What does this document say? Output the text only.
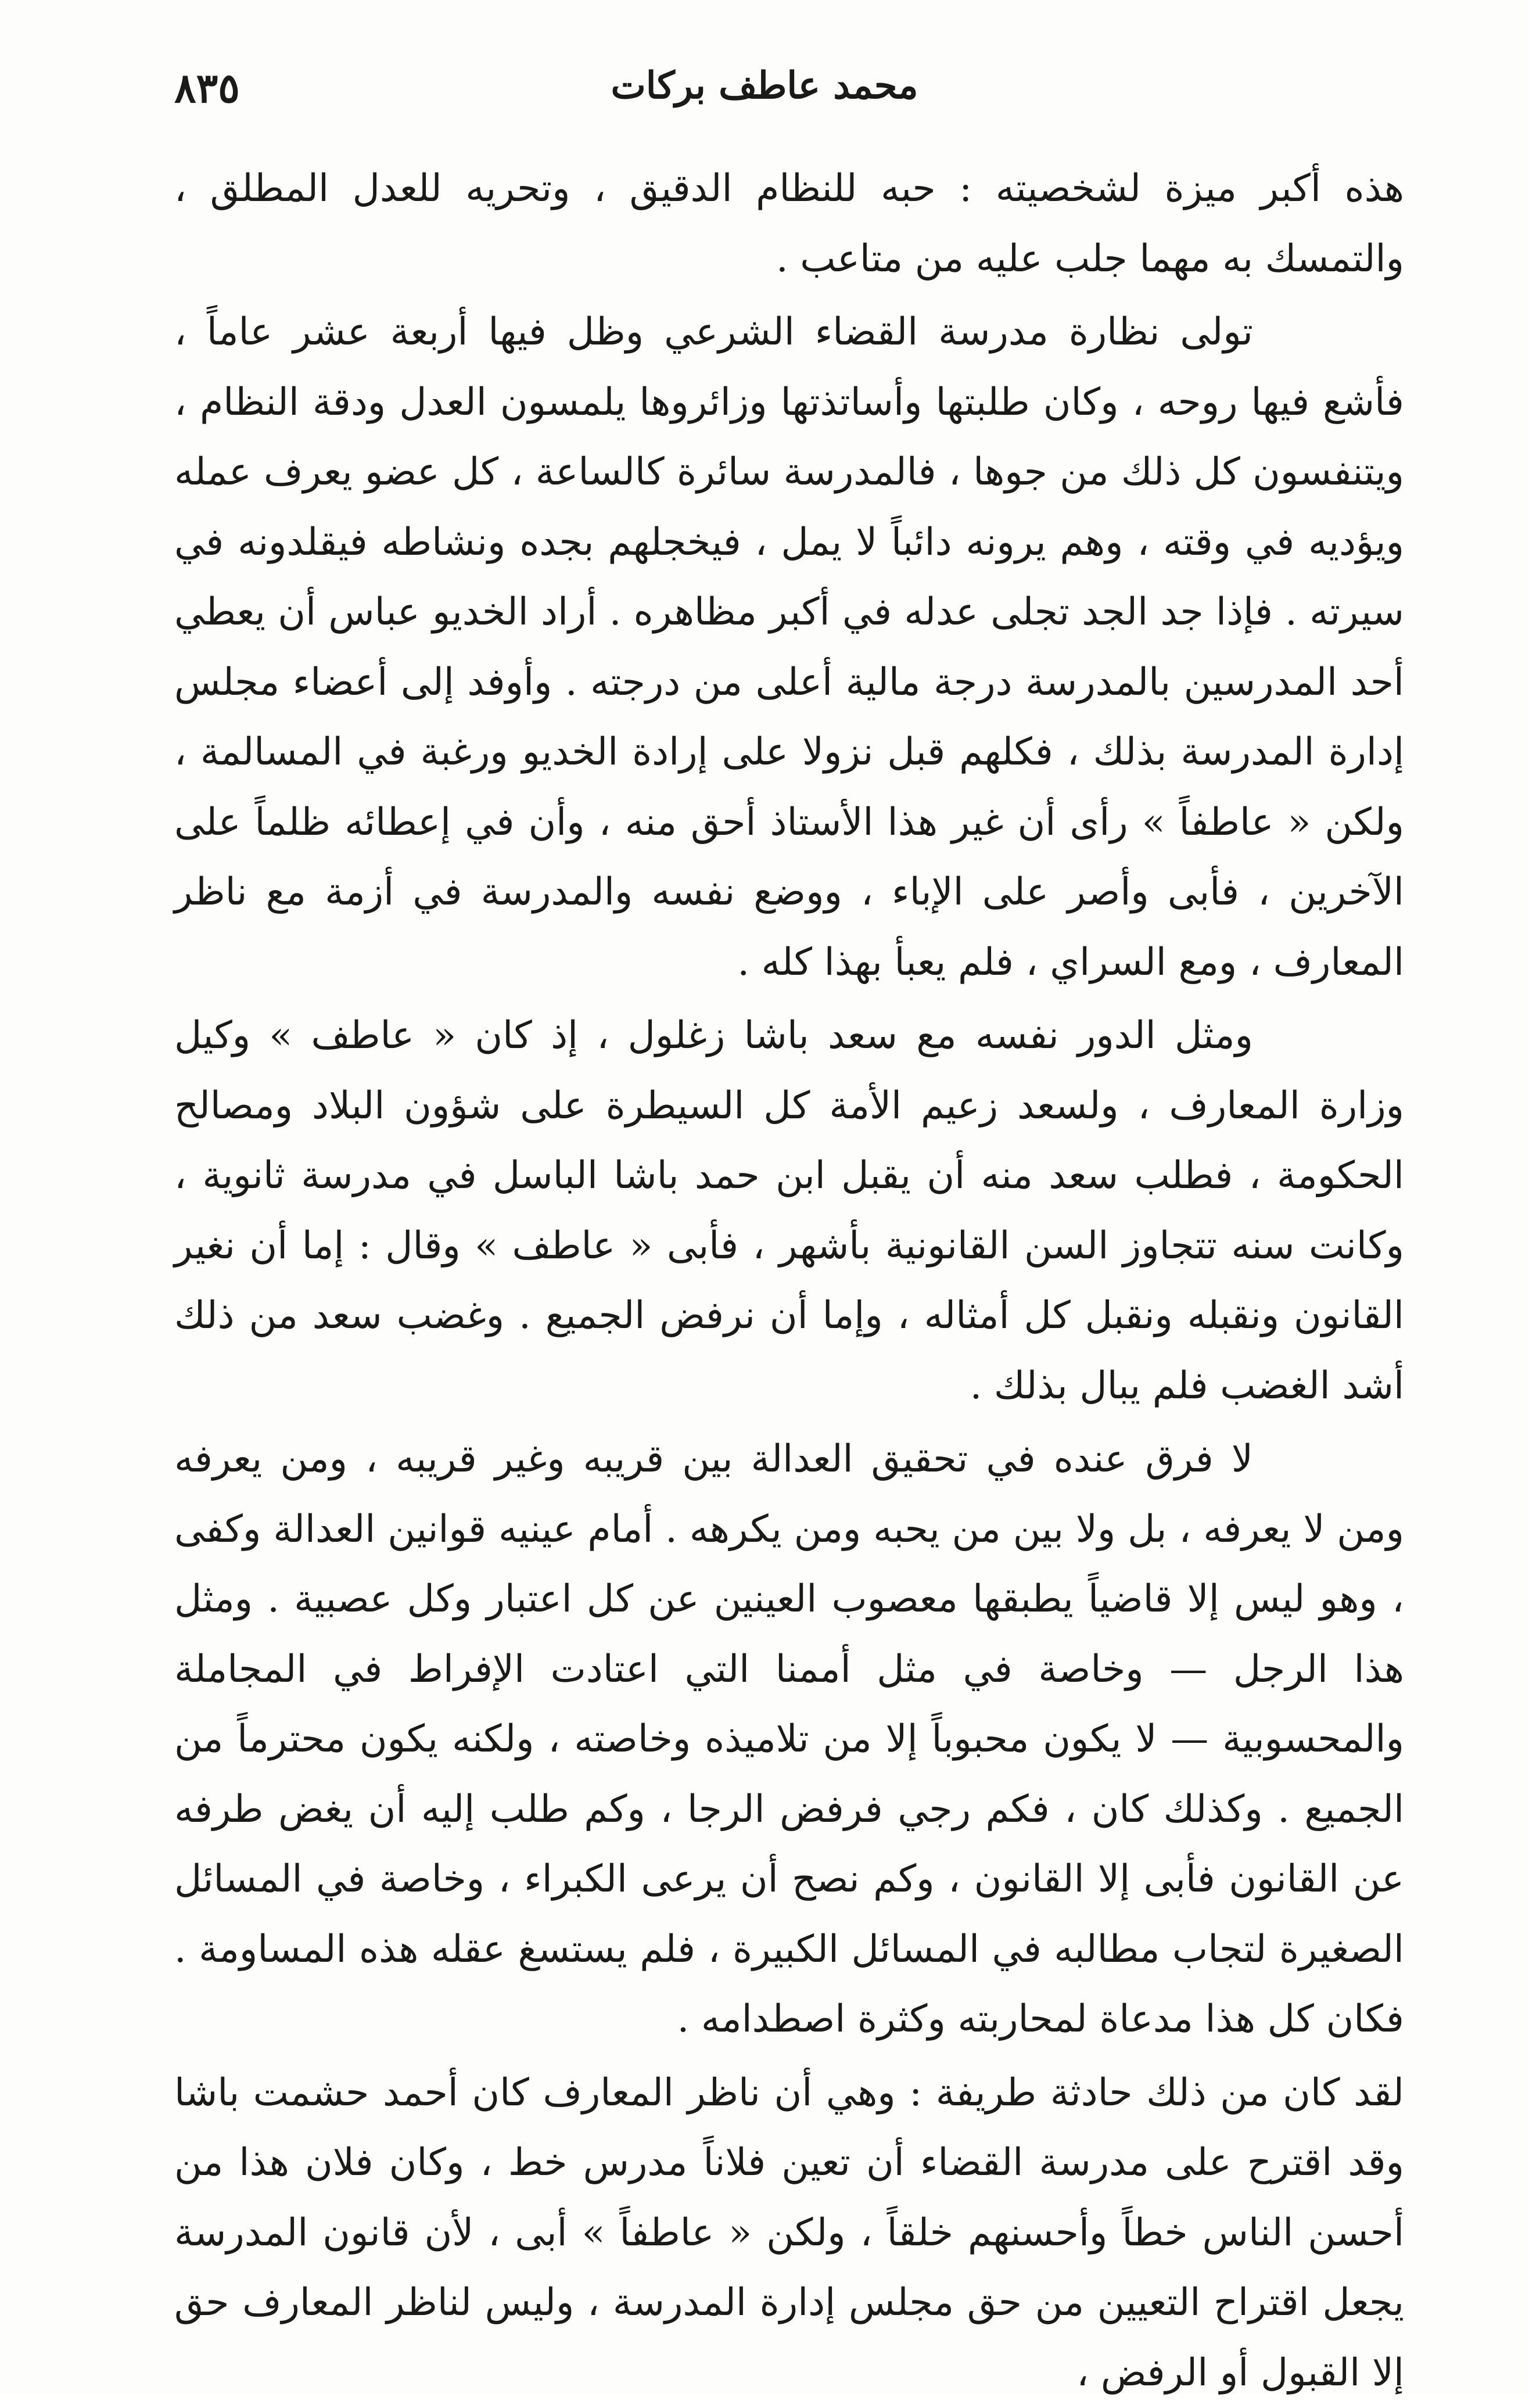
٨٣٥	محمد عاطف بركات

هذه أكبر ميزة لشخصيته : حبه للنظام الدقيق ، وتحريه للعدل المطلق ، والتمسك به مهما جلب عليه من متاعب .

تولى نظارة مدرسة القضاء الشرعي وظل فيها أربعة عشر عاماً ، فأشع فيها روحه ، وكان طلبتها وأساتذتها وزائروها يلمسون العدل ودقة النظام ، ويتنفسون كل ذلك من جوها ، فالمدرسة سائرة كالساعة ، كل عضو يعرف عمله ويؤديه في وقته ، وهم يرونه دائباً لا يمل ، فيخجلهم بجده ونشاطه فيقلدونه في سيرته . فإذا جد الجد تجلى عدله في أكبر مظاهره . أراد الخديو عباس أن يعطي أحد المدرسين بالمدرسة درجة مالية أعلى من درجته . وأوفد إلى أعضاء مجلس إدارة المدرسة بذلك ، فكلهم قبل نزولا على إرادة الخديو ورغبة في المسالمة ، ولكن « عاطفاً » رأى أن غير هذا الأستاذ أحق منه ، وأن في إعطائه ظلماً على الآخرين ، فأبى وأصر على الإباء ، ووضع نفسه والمدرسة في أزمة مع ناظر المعارف ، ومع السراي ، فلم يعبأ بهذا كله .

ومثل الدور نفسه مع سعد باشا زغلول ، إذ كان « عاطف » وكيل وزارة المعارف ، ولسعد زعيم الأمة كل السيطرة على شؤون البلاد ومصالح الحكومة ، فطلب سعد منه أن يقبل ابن حمد باشا الباسل في مدرسة ثانوية ، وكانت سنه تتجاوز السن القانونية بأشهر ، فأبى « عاطف » وقال : إما أن نغير القانون ونقبله ونقبل كل أمثاله ، وإما أن نرفض الجميع . وغضب سعد من ذلك أشد الغضب فلم يبال بذلك .

لا فرق عنده في تحقيق العدالة بين قريبه وغير قريبه ، ومن يعرفه ومن لا يعرفه ، بل ولا بين من يحبه ومن يكرهه . أمام عينيه قوانين العدالة وكفى ، وهو ليس إلا قاضياً يطبقها معصوب العينين عن كل اعتبار وكل عصبية . ومثل هذا الرجل — وخاصة في مثل أممنا التي اعتادت الإفراط في المجاملة والمحسوبية — لا يكون محبوباً إلا من تلاميذه وخاصته ، ولكنه يكون محترماً من الجميع . وكذلك كان ، فكم رجي فرفض الرجا ، وكم طلب إليه أن يغض طرفه عن القانون فأبى إلا القانون ، وكم نصح أن يرعى الكبراء ، وخاصة في المسائل الصغيرة لتجاب مطالبه في المسائل الكبيرة ، فلم يستسغ عقله هذه المساومة . فكان كل هذا مدعاة لمحاربته وكثرة اصطدامه .

لقد كان من ذلك حادثة طريفة : وهي أن ناظر المعارف كان أحمد حشمت باشا وقد اقترح على مدرسة القضاء أن تعين فلاناً مدرس خط ، وكان فلان هذا من أحسن الناس خطاً وأحسنهم خلقاً ، ولكن « عاطفاً » أبى ، لأن قانون المدرسة يجعل اقتراح التعيين من حق مجلس إدارة المدرسة ، وليس لناظر المعارف حق إلا القبول أو الرفض ،
